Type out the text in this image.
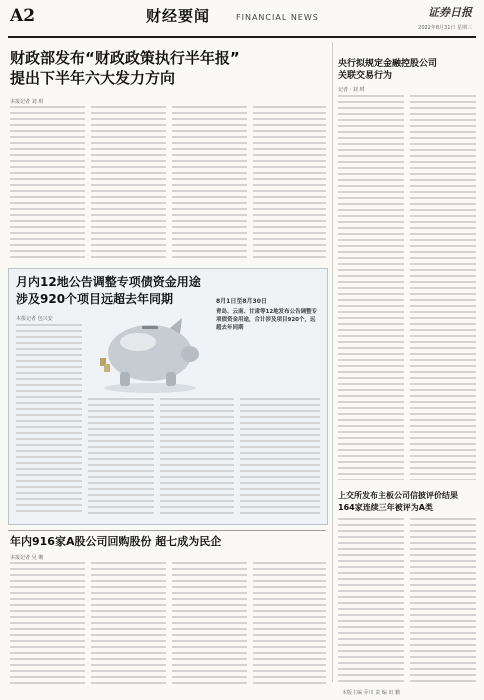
A2	财经要闻	FINANCIAL NEWS	证券日报
2022年8月31日 星期三
财政部发布“财政政策执行半年报”
提出下半年六大发力方向
本报记者 刘 琪
央行拟规定金融控股公司
关联交易行为
记者 · 刘 琪
月内12地公告调整专项债资金用途
涉及920个项目远超去年同期
本报记者 包兴安
8月1日至8月30日
青岛、云南、甘肃等12地发布公告调整专项债资金用途，合计涉及项目920个，远超去年同期
上交所发布主板公司信披评价结果
164家连续三年被评为A类
年内916家A股公司回购股份 超七成为民企
本报记者 吴 珊
本版主编 乔川 责 编 田 鹏
